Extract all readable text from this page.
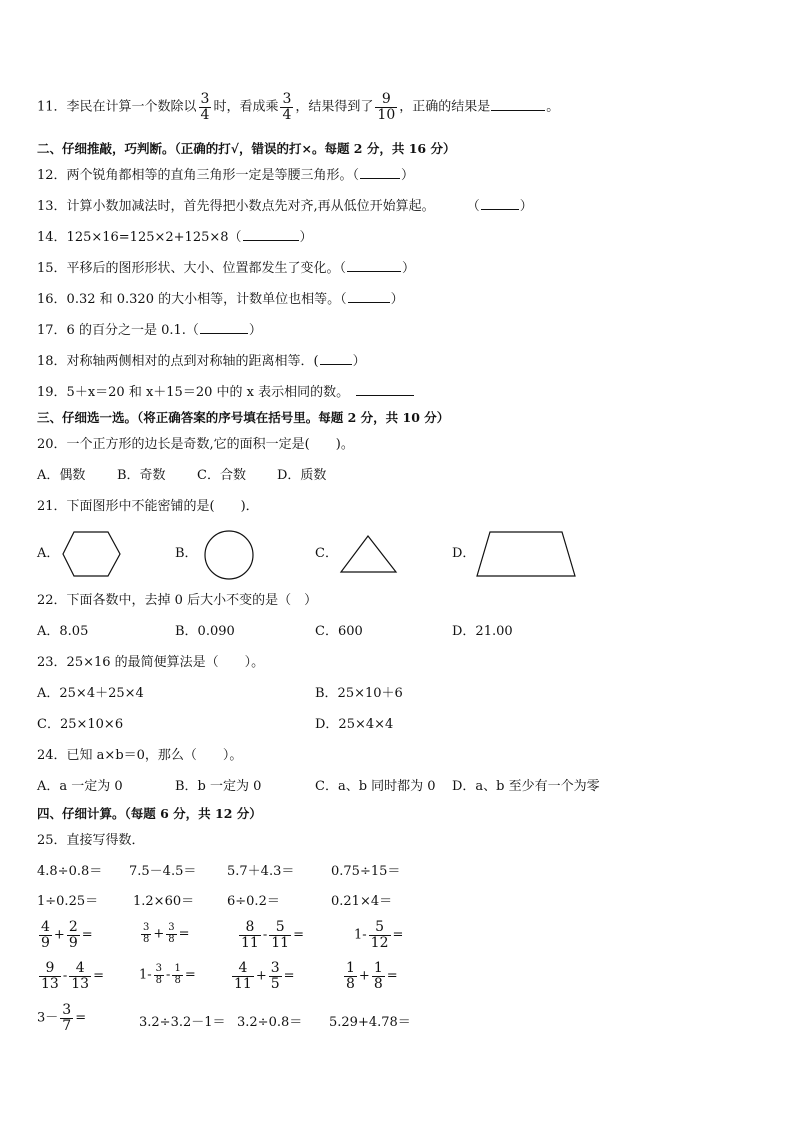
11．李民在计算一个数除以 $\frac{3}{4}$ 时，看成乘 $\frac{3}{4}$ ，结果得到了 $\frac{9}{10}$ ，正确的结果是	。
二、仔细推敲，巧判断。（正确的打√，错误的打×。每题 2 分，共 16 分）
12．两个锐角都相等的直角三角形一定是等腰三角形。（	）
13．计算小数加减法时，首先得把小数点先对齐,再从低位开始算起。 （	）
14．125×16=125×2+125×8（	）
15．平移后的图形形状、大小、位置都发生了变化。（	）
16．0.32 和 0.320 的大小相等，计数单位也相等。（	）
17．6 的百分之一是 0.1.（	）
18．对称轴两侧相对的点到对称轴的距离相等．(	）
19．5＋x＝20 和 x＋15＝20 中的 x 表示相同的数。
三、仔细选一选。（将正确答案的序号填在括号里。每题 2 分，共 10 分）
20．一个正方形的边长是奇数,它的面积一定是(　　)。
A．偶数 B．奇数 C．合数 D．质数
21．下面图形中不能密铺的是(　　)．
A．	B．	C．	D．
22．下面各数中，去掉 0 后大小不变的是（　）
A．8.05	B．0.090	C．600	D．21.00
23．25×16 的最简便算法是（　　）。
A．25×4＋25×4	B．25×10＋6
C．25×10×6	D．25×4×4
24．已知 a×b＝0，那么（　　）。
A．a 一定为 0	B．b 一定为 0	C．a、b 同时都为 0 D．a、b 至少有一个为零
四、仔细计算。（每题 6 分，共 12 分）
25．直接写得数．
4.8÷0.8＝ 7.5－4.5＝ 5.7＋4.3＝	0.75÷15＝
1÷0.25＝	1.2×60＝	6÷0.2＝	0.21×4＝
$\frac{4}{9} + \frac{2}{9}$ =	$\frac{3}{8} + \frac{3}{8}$ =	$\frac{8}{11} - \frac{5}{11}$ =	$1- \frac{5}{12}$ =
$\frac{9}{13} - \frac{4}{13}$ =	$1- \frac{3}{8} - \frac{1}{8}$ =	$\frac{4}{11} + \frac{3}{5}$ =	$\frac{1}{8} + \frac{1}{8}$ =
$3- \frac{3}{7}$ =	3.2÷3.2－1＝ 3.2÷0.8＝ 5.29+4.78＝
